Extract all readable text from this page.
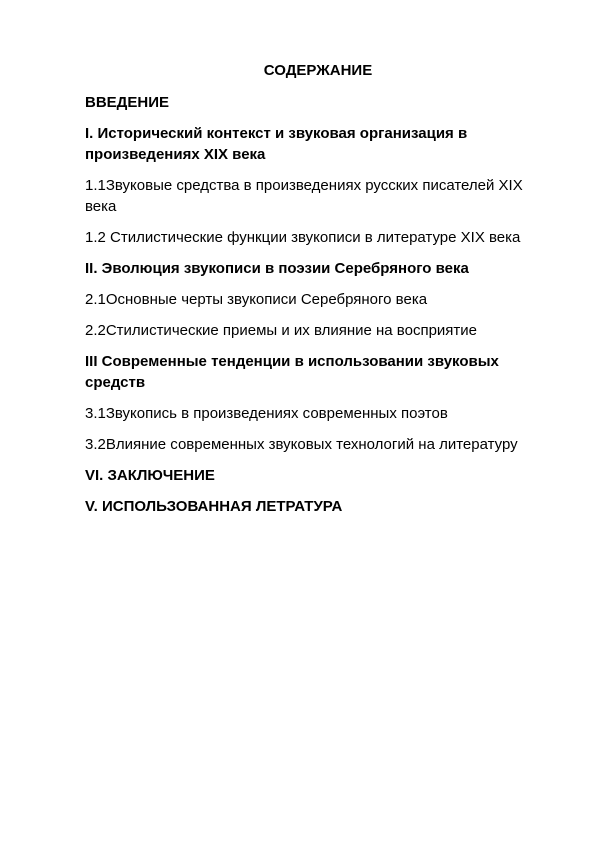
СОДЕРЖАНИЕ

ВВЕДЕНИЕ

I. Исторический контекст и звуковая организация в произведениях XIX века

1.1Звуковые средства в произведениях русских писателей XIX века

1.2 Стилистические функции звукописи в литературе XIX века

II. Эволюция звукописи в поэзии Серебряного века

2.1Основные черты звукописи Серебряного века

2.2Стилистические приемы и их влияние на восприятие

III Современные тенденции в использовании звуковых средств

3.1Звукопись в произведениях современных поэтов

3.2Влияние современных звуковых технологий на литературу

VI. ЗАКЛЮЧЕНИЕ

V. ИСПОЛЬЗОВАННАЯ ЛЕТРАТУРА
